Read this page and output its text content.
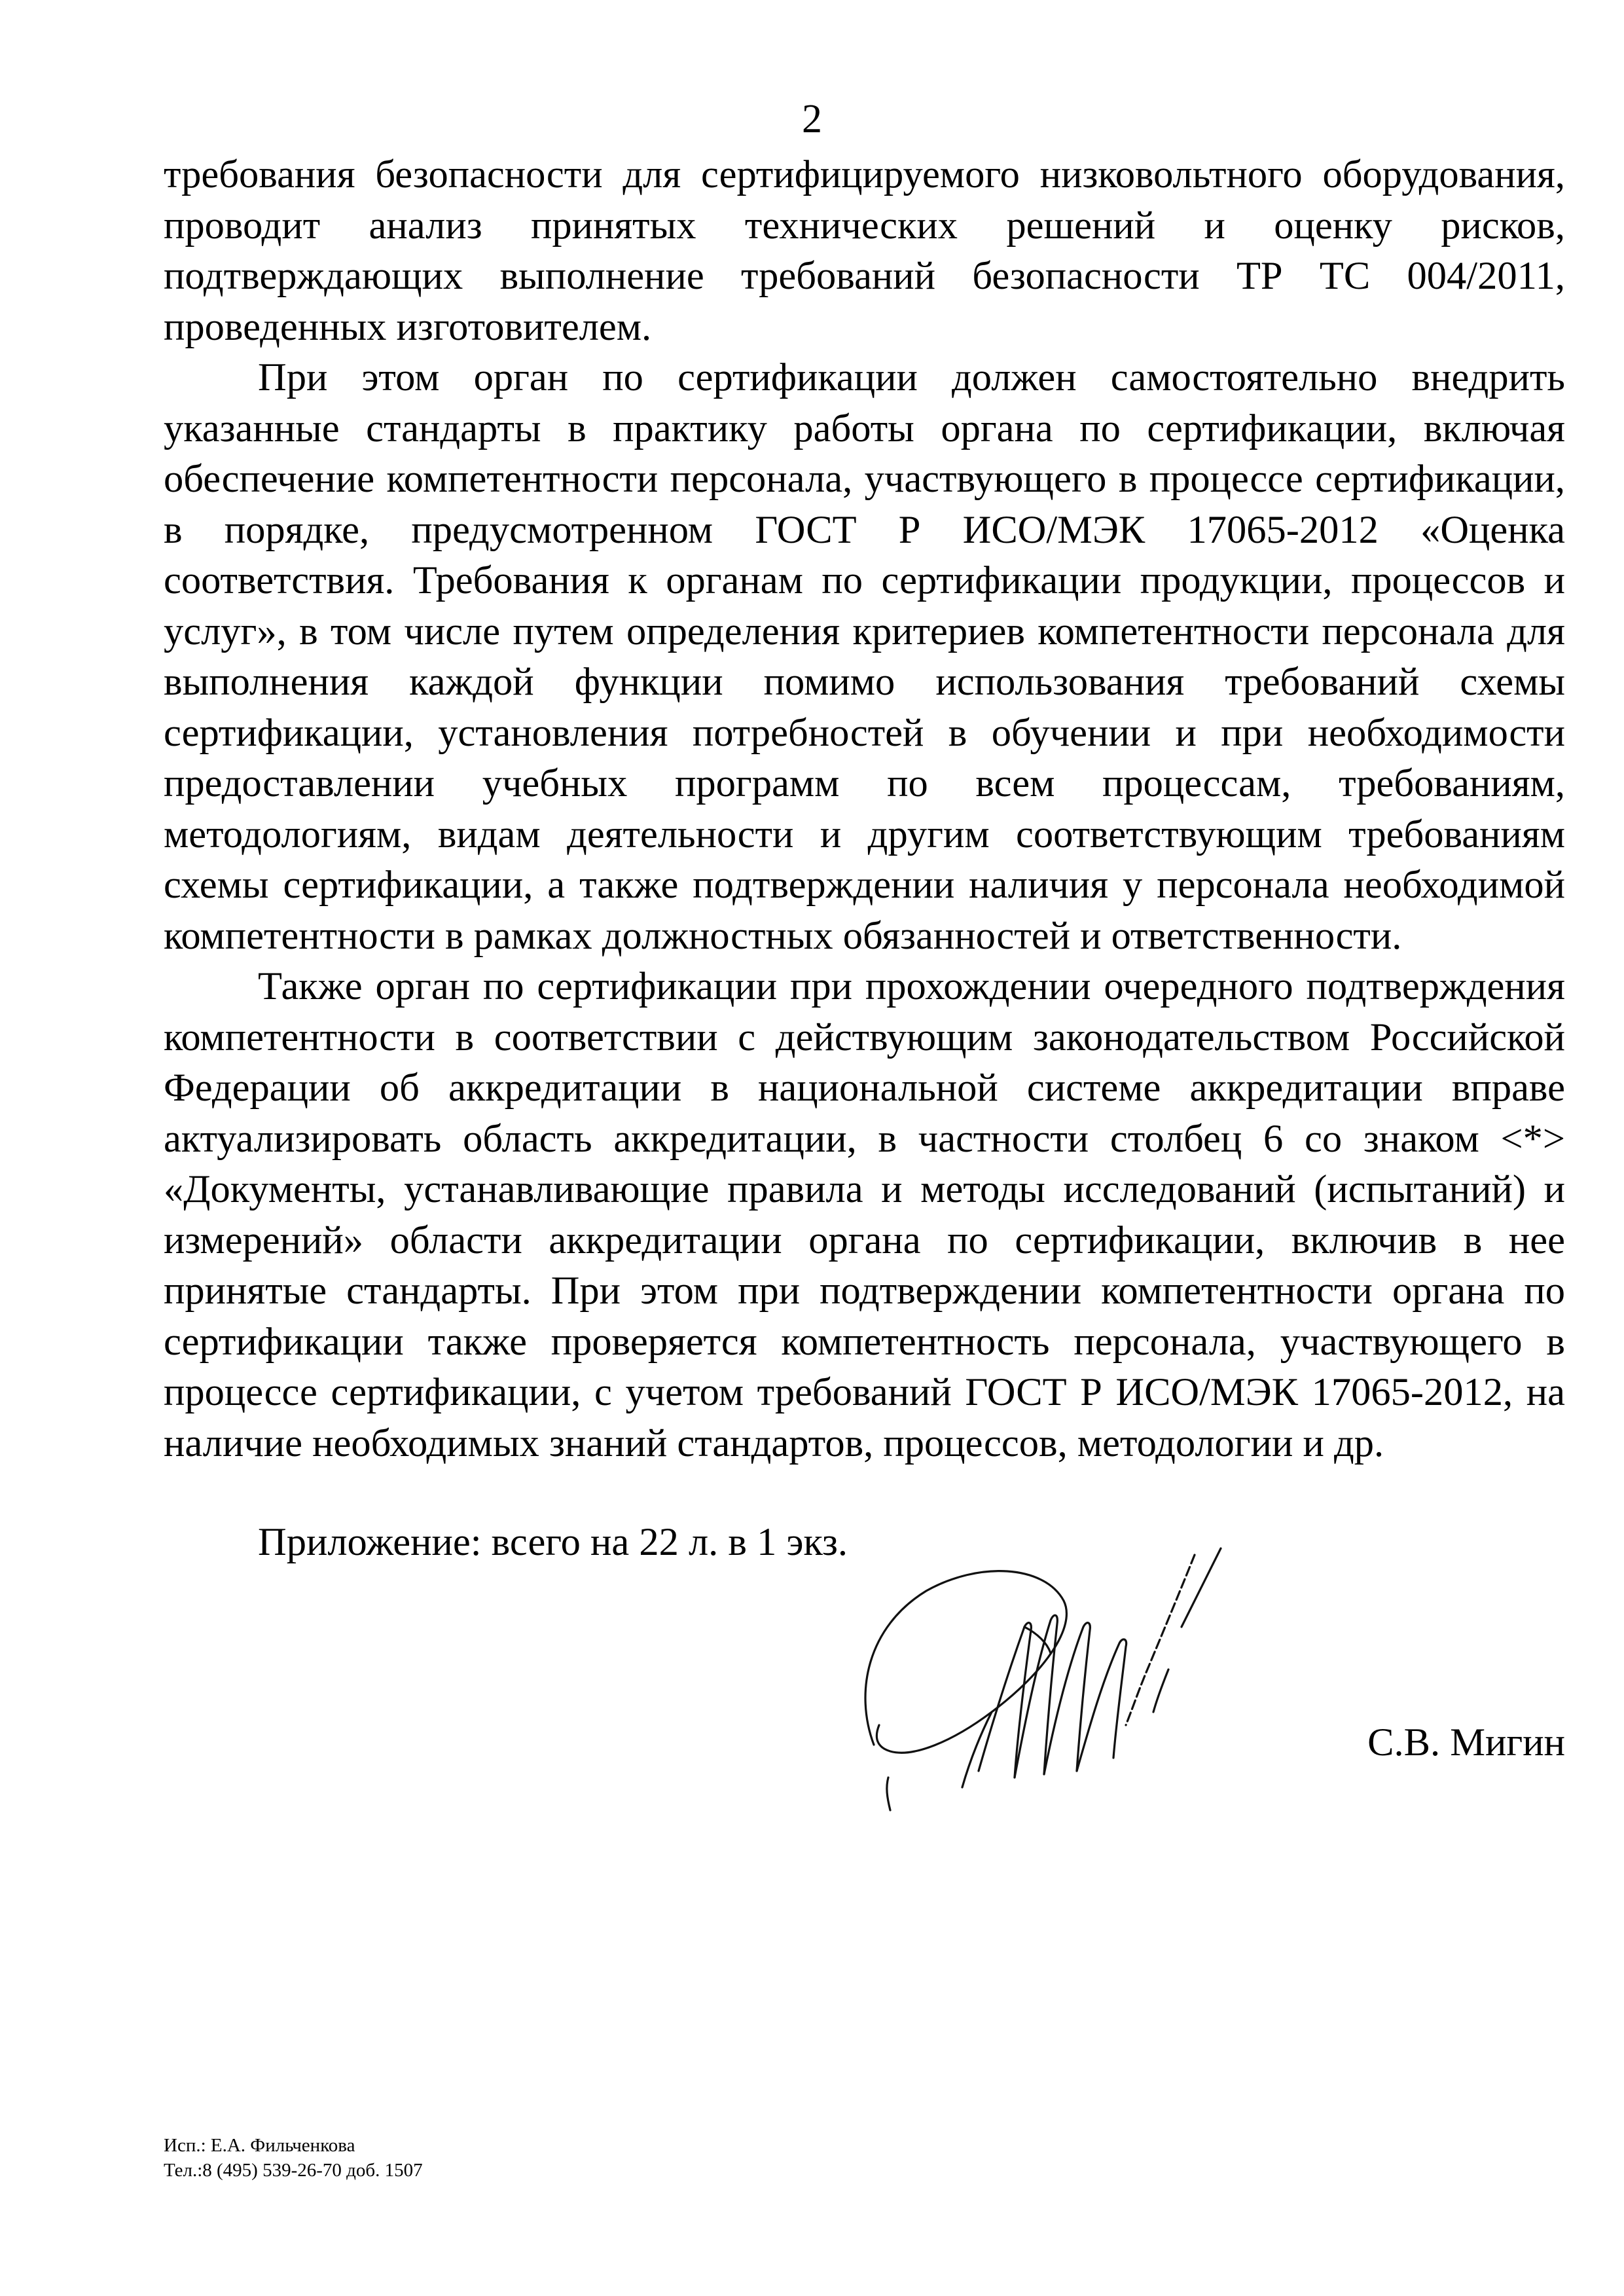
2

требования безопасности для сертифицируемого низковольтного оборудования, проводит анализ принятых технических решений и оценку рисков, подтверждающих выполнение требований безопасности ТР ТС 004/2011, проведенных изготовителем.

При этом орган по сертификации должен самостоятельно внедрить указанные стандарты в практику работы органа по сертификации, включая обеспечение компетентности персонала, участвующего в процессе сертификации, в порядке, предусмотренном ГОСТ Р ИСО/МЭК 17065-2012 «Оценка соответствия. Требования к органам по сертификации продукции, процессов и услуг», в том числе путем определения критериев компетентности персонала для выполнения каждой функции помимо использования требований схемы сертификации, установления потребностей в обучении и при необходимости предоставлении учебных программ по всем процессам, требованиям, методологиям, видам деятельности и другим соответствующим требованиям схемы сертификации, а также подтверждении наличия у персонала необходимой компетентности в рамках должностных обязанностей и ответственности.

Также орган по сертификации при прохождении очередного подтверждения компетентности в соответствии с действующим законодательством Российской Федерации об аккредитации в национальной системе аккредитации вправе актуализировать область аккредитации, в частности столбец 6 со знаком <*> «Документы, устанавливающие правила и методы исследований (испытаний) и измерений» области аккредитации органа по сертификации, включив в нее принятые стандарты. При этом при подтверждении компетентности органа по сертификации также проверяется компетентность персонала, участвующего в процессе сертификации, с учетом требований ГОСТ Р ИСО/МЭК 17065-2012, на наличие необходимых знаний стандартов, процессов, методологии и др.

Приложение: всего на 22 л. в 1 экз.
С.В. Мигин
Исп.: Е.А. Фильченкова
Тел.:8 (495) 539-26-70 доб. 1507
